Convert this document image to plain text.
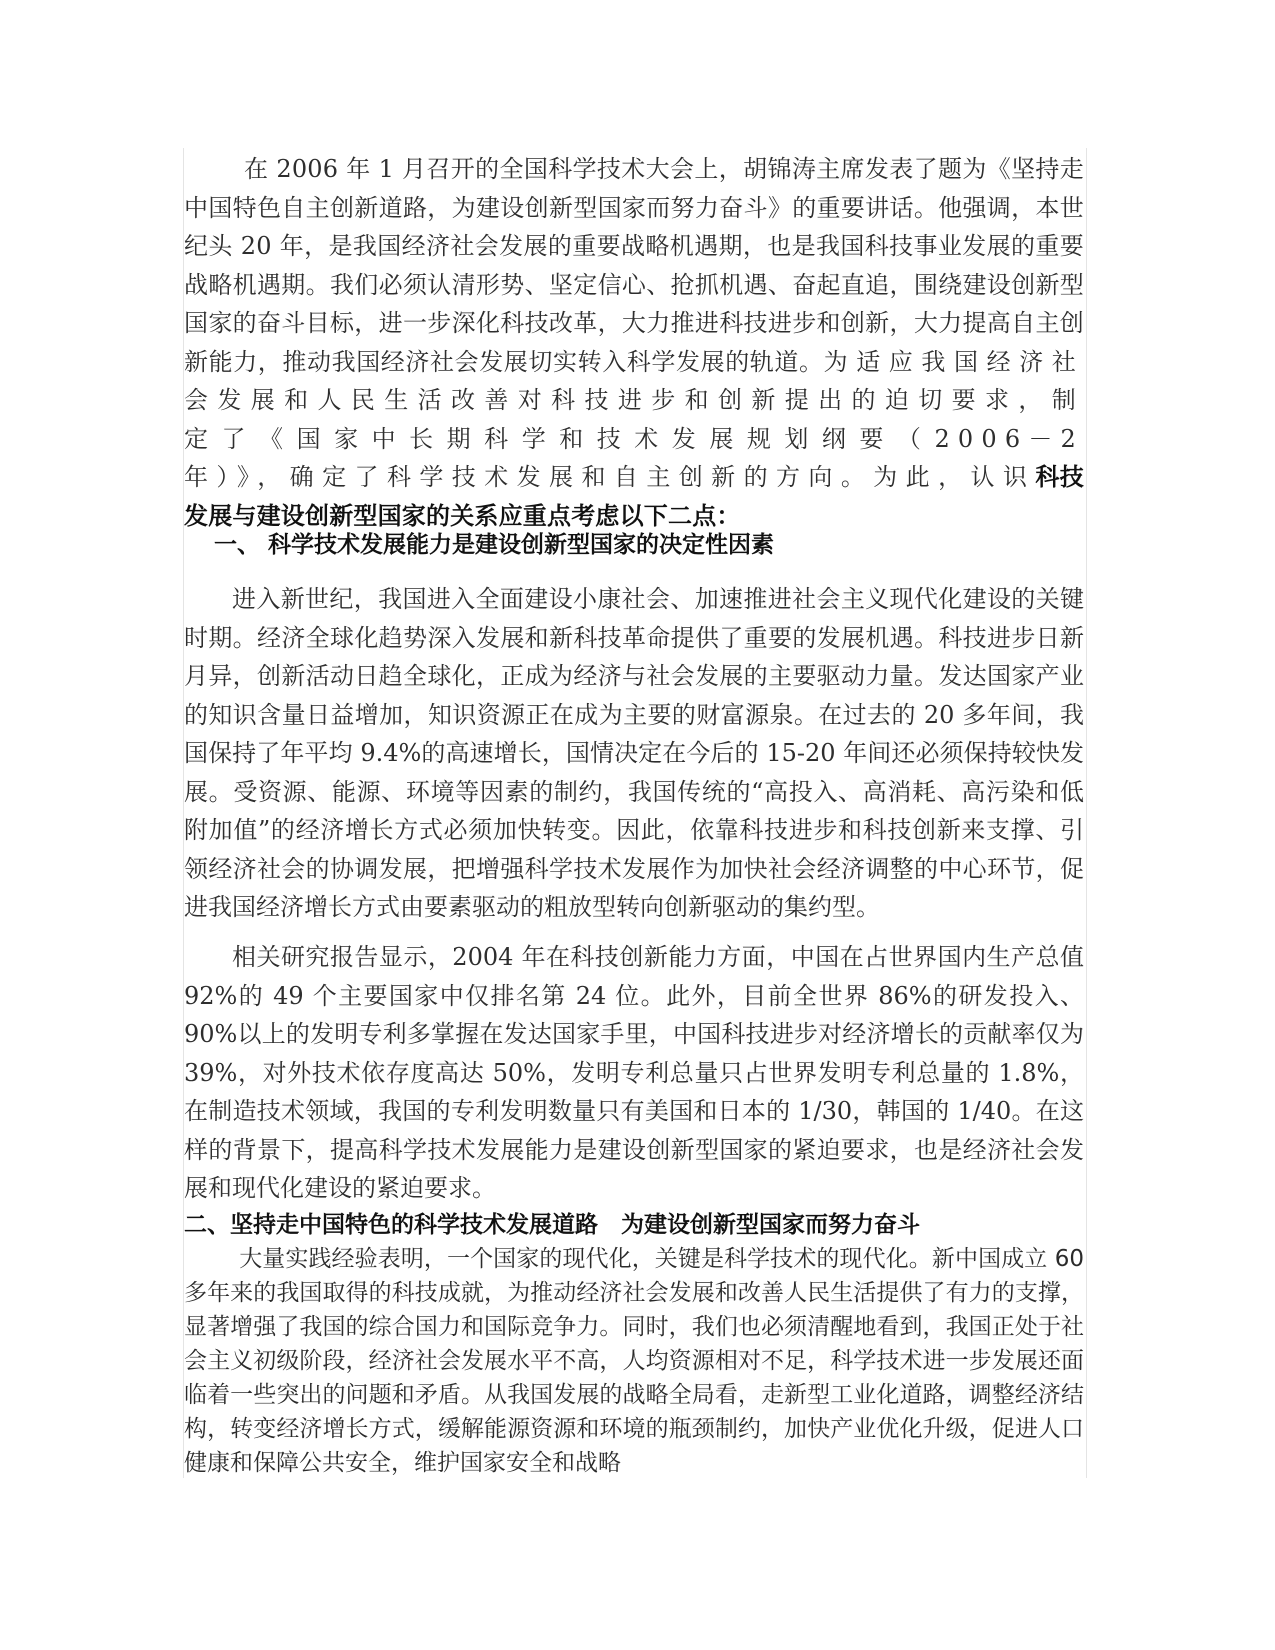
在 2006 年 1 月召开的全国科学技术大会上，胡锦涛主席发表了题为《坚持走中国特色自主创新道路，为建设创新型国家而努力奋斗》的重要讲话。他强调，本世纪头 20 年，是我国经济社会发展的重要战略机遇期，也是我国科技事业发展的重要战略机遇期。我们必须认清形势、坚定信心、抢抓机遇、奋起直追，围绕建设创新型国家的奋斗目标，进一步深化科技改革，大力推进科技进步和创新，大力提高自主创新能力，推动我国经济社会发展切实转入科学发展的轨道。为适应我国经济社会发展和人民生活改善对科技进步和创新提出的迫切要求，制定了《国家中长期科学和技术发展规划纲要（2006－2　 年）》，确定了科学技术发展和自主创新的方向。为此，认识科技发展与建设创新型国家的关系应重点考虑以下二点：

一、 科学技术发展能力是建设创新型国家的决定性因素

进入新世纪，我国进入全面建设小康社会、加速推进社会主义现代化建设的关键时期。经济全球化趋势深入发展和新科技革命提供了重要的发展机遇。科技进步日新月异，创新活动日趋全球化，正成为经济与社会发展的主要驱动力量。发达国家产业的知识含量日益增加，知识资源正在成为主要的财富源泉。在过去的 20 多年间，我国保持了年平均 9.4%的高速增长，国情决定在今后的 15-20 年间还必须保持较快发展。受资源、能源、环境等因素的制约，我国传统的“高投入、高消耗、高污染和低附加值”的经济增长方式必须加快转变。因此，依靠科技进步和科技创新来支撑、引领经济社会的协调发展，把增强科学技术发展作为加快社会经济调整的中心环节，促进我国经济增长方式由要素驱动的粗放型转向创新驱动的集约型。

相关研究报告显示，2004 年在科技创新能力方面，中国在占世界国内生产总值 92%的 49 个主要国家中仅排名第 24 位。此外，目前全世界 86%的研发投入、90%以上的发明专利多掌握在发达国家手里，中国科技进步对经济增长的贡献率仅为 39%，对外技术依存度高达 50%，发明专利总量只占世界发明专利总量的 1.8%，在制造技术领域，我国的专利发明数量只有美国和日本的 1/30，韩国的 1/40。在这样的背景下，提高科学技术发展能力是建设创新型国家的紧迫要求，也是经济社会发展和现代化建设的紧迫要求。

二、坚持走中国特色的科学技术发展道路　为建设创新型国家而努力奋斗

大量实践经验表明，一个国家的现代化，关键是科学技术的现代化。新中国成立 60 多年来的我国取得的科技成就，为推动经济社会发展和改善人民生活提供了有力的支撑，显著增强了我国的综合国力和国际竞争力。同时，我们也必须清醒地看到，我国正处于社会主义初级阶段，经济社会发展水平不高，人均资源相对不足，科学技术进一步发展还面临着一些突出的问题和矛盾。从我国发展的战略全局看，走新型工业化道路，调整经济结构，转变经济增长方式，缓解能源资源和环境的瓶颈制约，加快产业优化升级，促进人口健康和保障公共安全，维护国家安全和战略
